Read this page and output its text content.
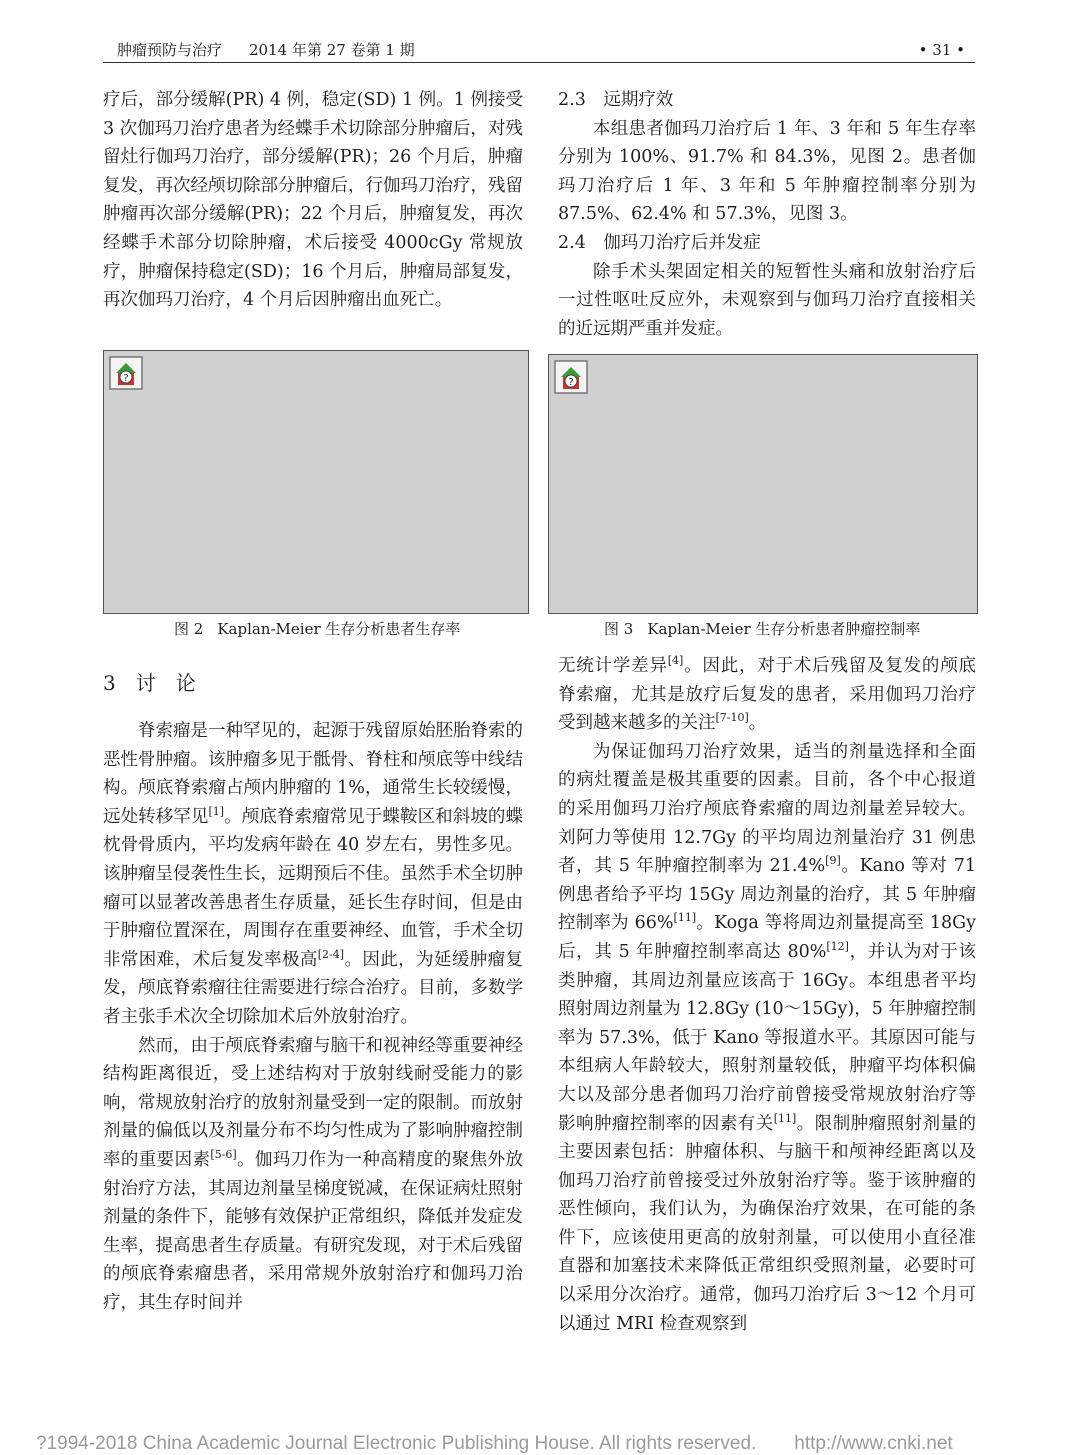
肿瘤预防与治疗 2014 年第 27 卷第 1 期	• 31 •

疗后，部分缓解(PR) 4 例，稳定(SD) 1 例。1 例接受 3 次伽玛刀治疗患者为经蝶手术切除部分肿瘤后，对残留灶行伽玛刀治疗，部分缓解(PR)；26 个月后，肿瘤复发，再次经颅切除部分肿瘤后，行伽玛刀治疗，残留肿瘤再次部分缓解(PR)；22 个月后，肿瘤复发，再次经蝶手术部分切除肿瘤，术后接受 4000cGy 常规放疗，肿瘤保持稳定(SD)；16 个月后，肿瘤局部复发，再次伽玛刀治疗，4 个月后因肿瘤出血死亡。

2.3　远期疗效

本组患者伽玛刀治疗后 1 年、3 年和 5 年生存率分别为 100%、91.7% 和 84.3%，见图 2。患者伽玛刀治疗后 1 年、3 年和 5 年肿瘤控制率分别为 87.5%、62.4% 和 57.3%，见图 3。

2.4　伽玛刀治疗后并发症

除手术头架固定相关的短暂性头痛和放射治疗后一过性呕吐反应外，未观察到与伽玛刀治疗直接相关的近远期严重并发症。

?	?
图 2 Kaplan-Meier 生存分析患者生存率	图 3 Kaplan-Meier 生存分析患者肿瘤控制率
3 讨　论

脊索瘤是一种罕见的，起源于残留原始胚胎脊索的恶性骨肿瘤。该肿瘤多见于骶骨、脊柱和颅底等中线结构。颅底脊索瘤占颅内肿瘤的 1%，通常生长较缓慢，远处转移罕见[1]。颅底脊索瘤常见于蝶鞍区和斜坡的蝶枕骨骨质内，平均发病年龄在 40 岁左右，男性多见。该肿瘤呈侵袭性生长，远期预后不佳。虽然手术全切肿瘤可以显著改善患者生存质量，延长生存时间，但是由于肿瘤位置深在，周围存在重要神经、血管，手术全切非常困难，术后复发率极高[2-4]。因此，为延缓肿瘤复发，颅底脊索瘤往往需要进行综合治疗。目前，多数学者主张手术次全切除加术后外放射治疗。

然而，由于颅底脊索瘤与脑干和视神经等重要神经结构距离很近，受上述结构对于放射线耐受能力的影响，常规放射治疗的放射剂量受到一定的限制。而放射剂量的偏低以及剂量分布不均匀性成为了影响肿瘤控制率的重要因素[5-6]。伽玛刀作为一种高精度的聚焦外放射治疗方法，其周边剂量呈梯度锐减，在保证病灶照射剂量的条件下，能够有效保护正常组织，降低并发症发生率，提高患者生存质量。有研究发现，对于术后残留的颅底脊索瘤患者，采用常规外放射治疗和伽玛刀治疗，其生存时间并

无统计学差异[4]。因此，对于术后残留及复发的颅底脊索瘤，尤其是放疗后复发的患者，采用伽玛刀治疗受到越来越多的关注[7-10]。

为保证伽玛刀治疗效果，适当的剂量选择和全面的病灶覆盖是极其重要的因素。目前，各个中心报道的采用伽玛刀治疗颅底脊索瘤的周边剂量差异较大。刘阿力等使用 12.7Gy 的平均周边剂量治疗 31 例患者，其 5 年肿瘤控制率为 21.4%[9]。Kano 等对 71 例患者给予平均 15Gy 周边剂量的治疗，其 5 年肿瘤控制率为 66%[11]。Koga 等将周边剂量提高至 18Gy 后，其 5 年肿瘤控制率高达 80%[12]，并认为对于该类肿瘤，其周边剂量应该高于 16Gy。本组患者平均照射周边剂量为 12.8Gy (10～15Gy)，5 年肿瘤控制率为 57.3%，低于 Kano 等报道水平。其原因可能与本组病人年龄较大，照射剂量较低，肿瘤平均体积偏大以及部分患者伽玛刀治疗前曾接受常规放射治疗等影响肿瘤控制率的因素有关[11]。限制肿瘤照射剂量的主要因素包括：肿瘤体积、与脑干和颅神经距离以及伽玛刀治疗前曾接受过外放射治疗等。鉴于该肿瘤的恶性倾向，我们认为，为确保治疗效果，在可能的条件下，应该使用更高的放射剂量，可以使用小直径准直器和加塞技术来降低正常组织受照剂量，必要时可以采用分次治疗。通常，伽玛刀治疗后 3～12 个月可以通过 MRI 检查观察到

?1994-2018 China Academic Journal Electronic Publishing House. All rights reserved.　　http://www.cnki.net
